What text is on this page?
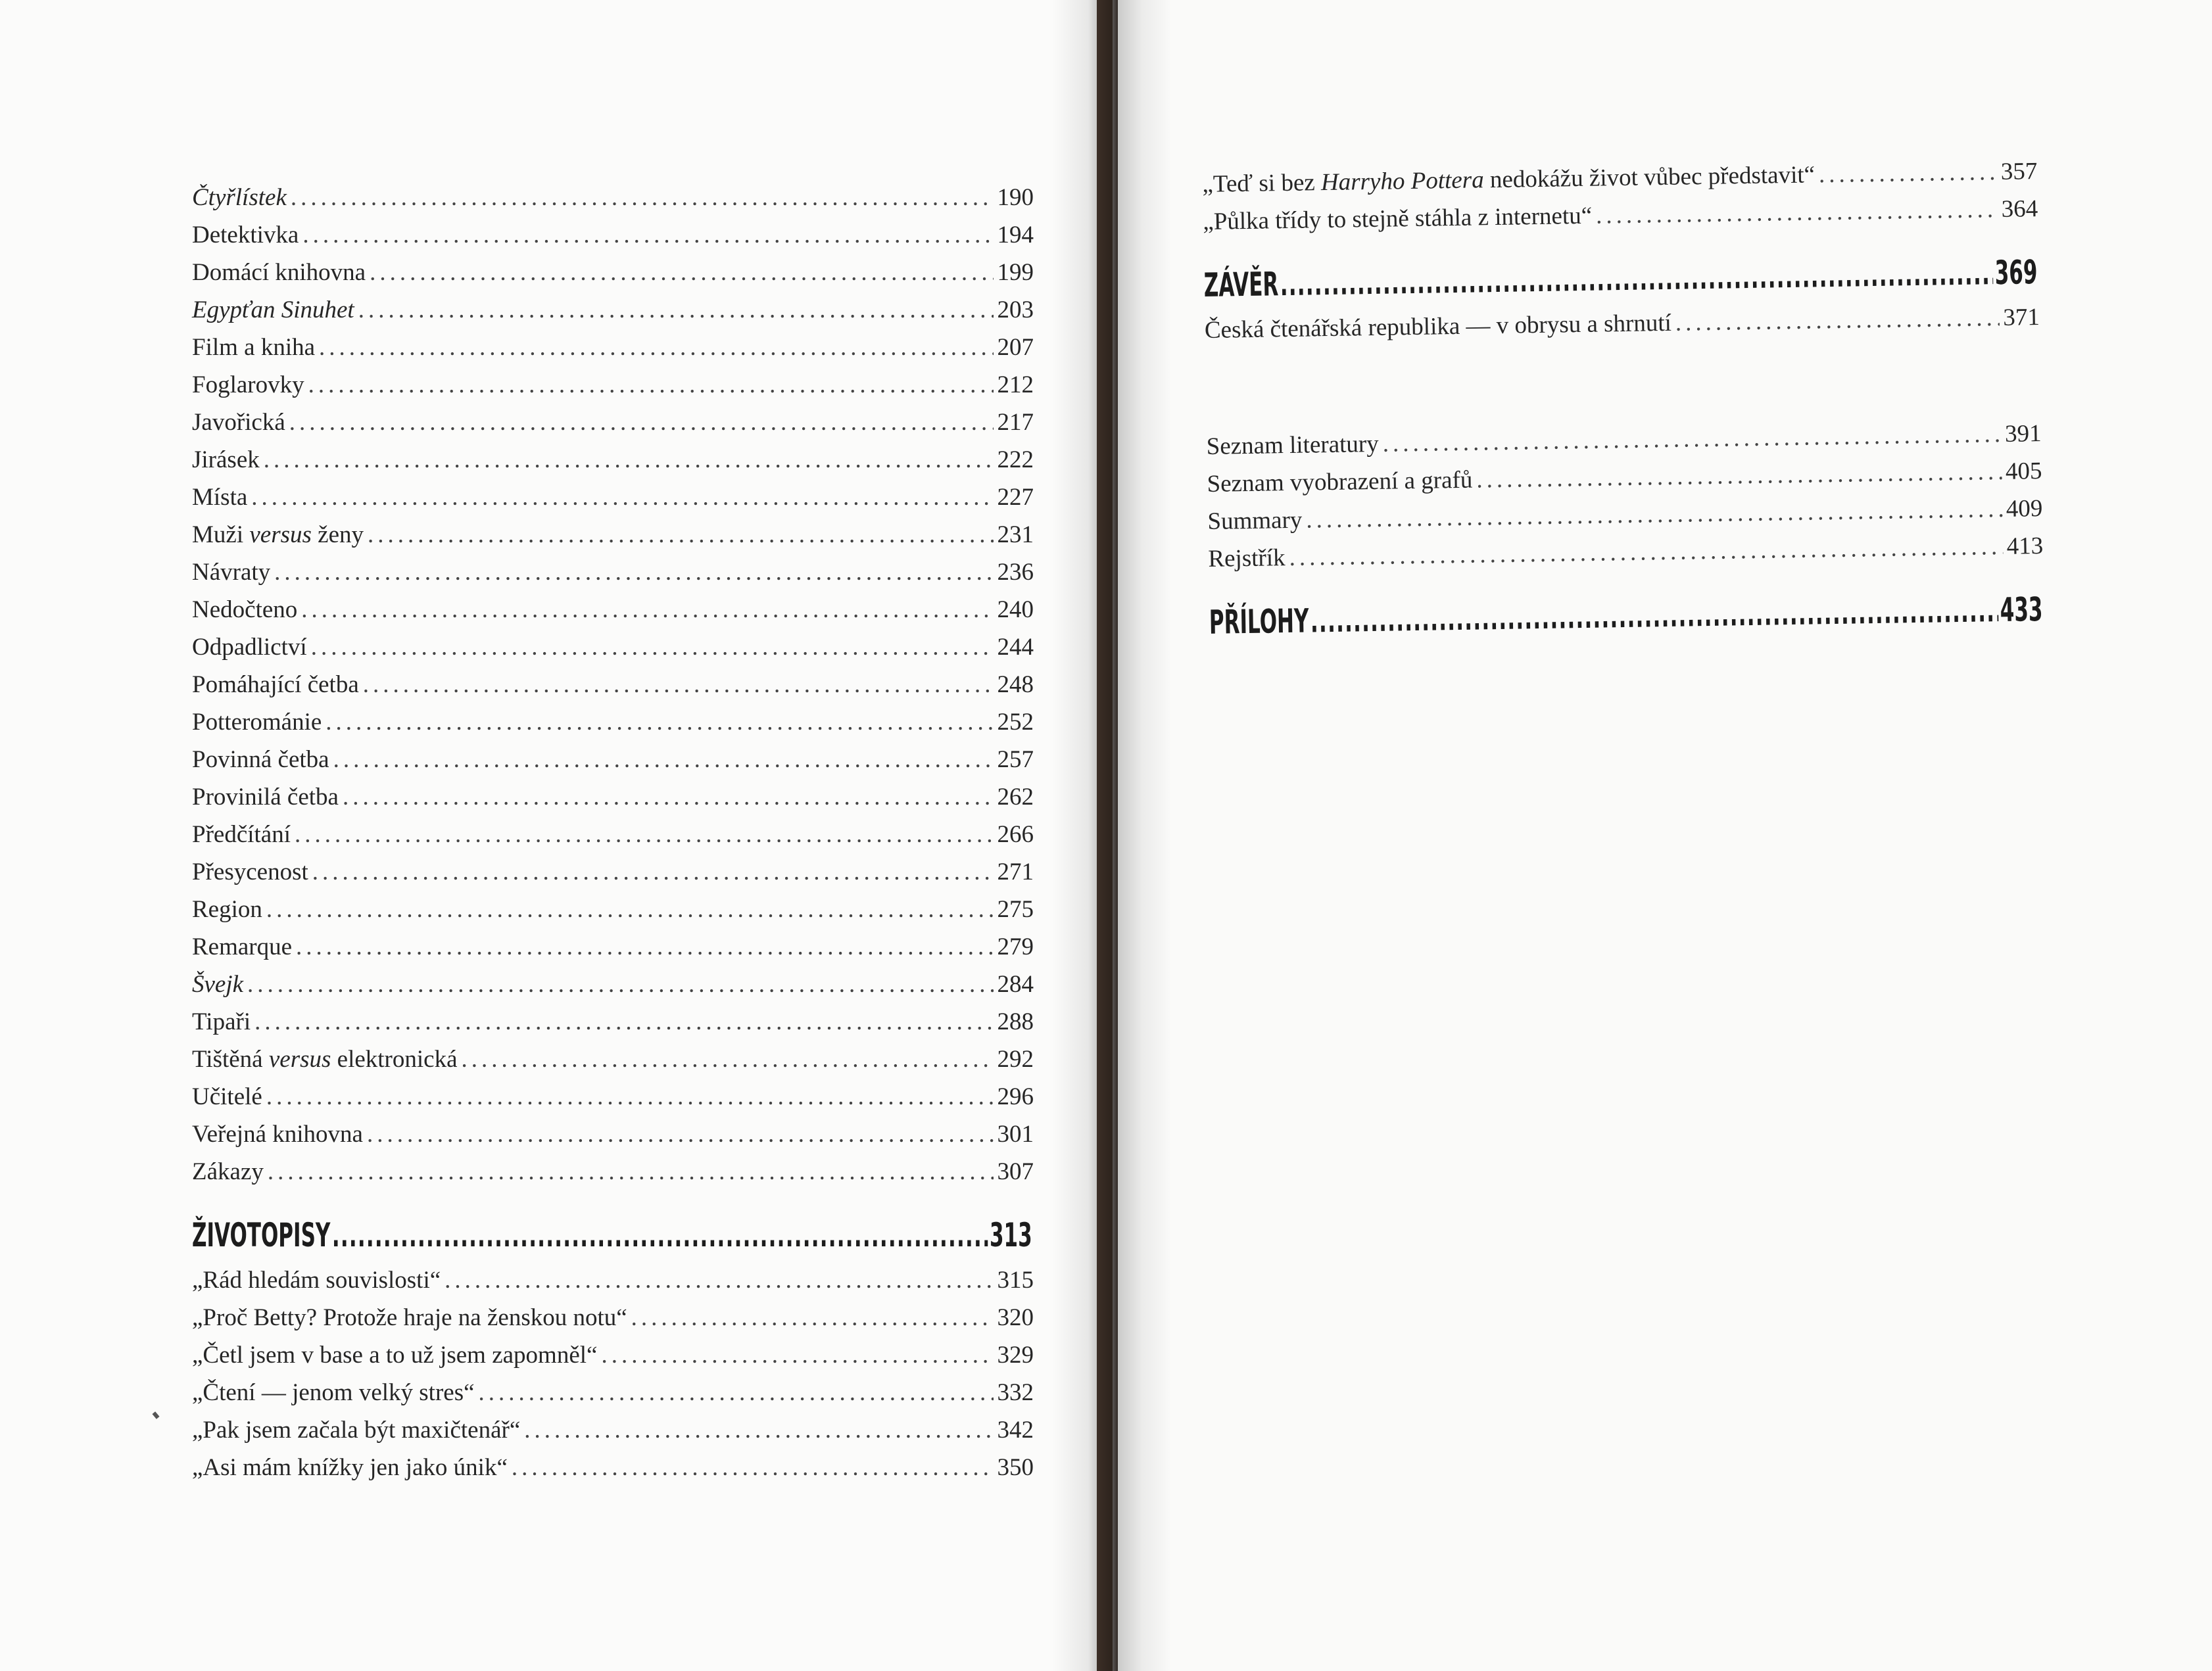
Čtyřlístek .....	190
Detektivka .....	194
Domácí knihovna .....	199
Egypťan Sinuhet .....	203
Film a kniha .....	207
Foglarovky .....	212
Javořická .....	217
Jirásek .....	222
Místa .....	227
Muži versus ženy .....	231
Návraty .....	236
Nedočteno .....	240
Odpadlictví .....	244
Pomáhající četba .....	248
Potterománie .....	252
Povinná četba .....	257
Provinilá četba .....	262
Předčítání .....	266
Přesycenost .....	271
Region .....	275
Remarque .....	279
Švejk .....	284
Tipaři .....	288
Tištěná versus elektronická .....	292
Učitelé .....	296
Veřejná knihovna .....	301
Zákazy .....	307
ŽIVOTOPISY .....	313
„Rád hledám souvislosti“ .....	315
„Proč Betty? Protože hraje na ženskou notu“ .....	320
„Četl jsem v base a to už jsem zapomněl“ .....	329
„Čtení — jenom velký stres“ .....	332
„Pak jsem začala být maxičtenář“ .....	342
„Asi mám knížky jen jako únik“ .....	350
„Teď si bez Harryho Pottera nedokážu život vůbec představit“ .....	357
„Půlka třídy to stejně stáhla z internetu“ .....	364
ZÁVĚR .....	369
Česká čtenářská republika — v obrysu a shrnutí .....	371
Seznam literatury .....	391
Seznam vyobrazení a grafů .....	405
Summary .....	409
Rejstřík .....	413
PŘÍLOHY .....	433
